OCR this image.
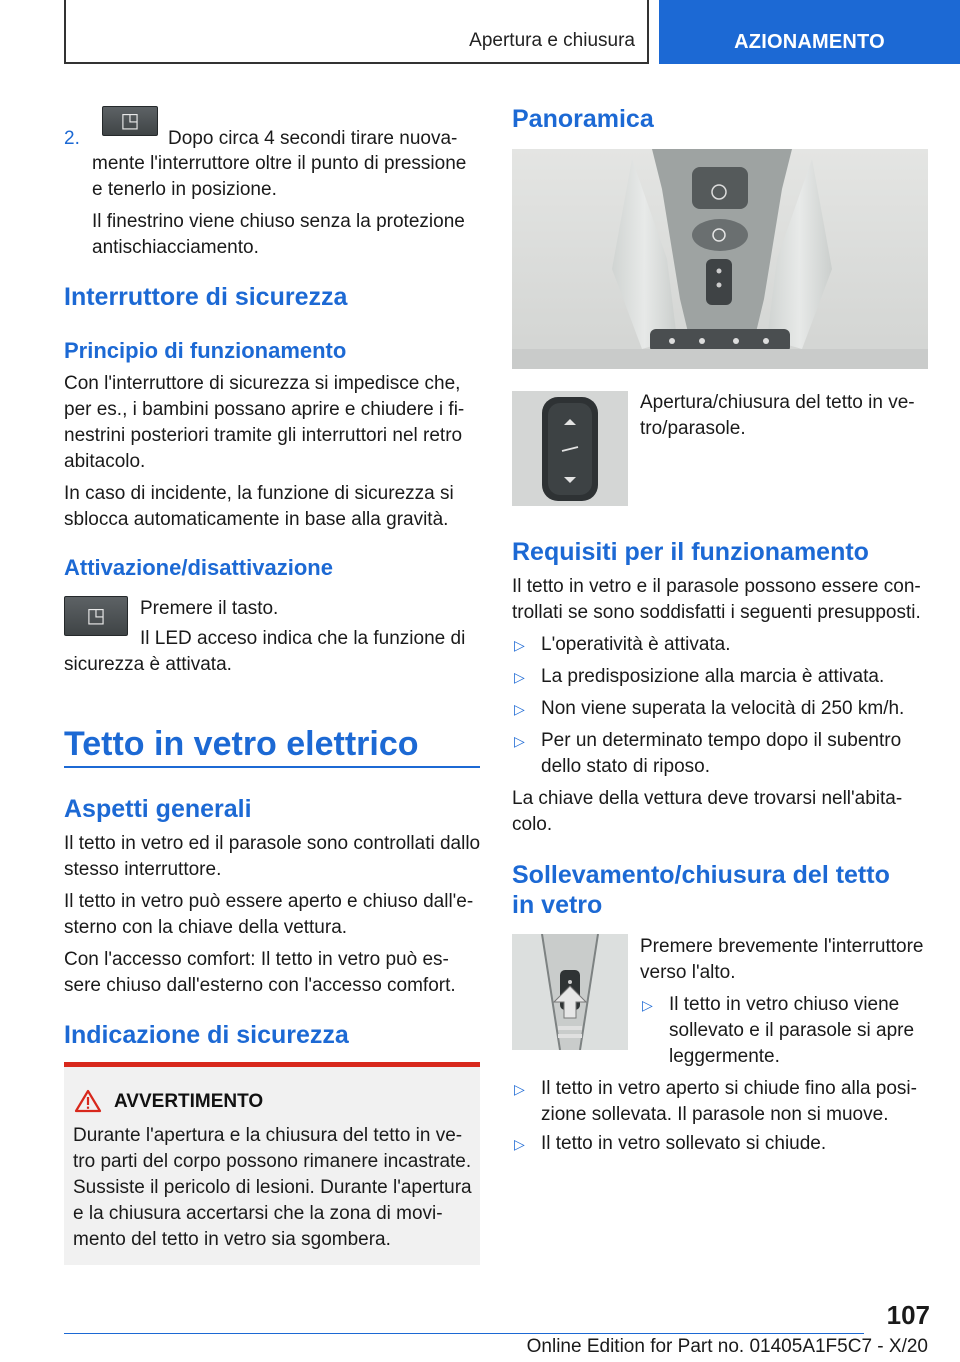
Apertura e chiusura	AZIONAMENTO
2.
◳
Dopo circa 4 secondi tirare nuova-
mente l'interruttore oltre il punto di pressione
e tenerlo in posizione.
Il finestrino viene chiuso senza la protezione
antischiacciamento.
Interruttore di sicurezza
Principio di funzionamento
Con l'interruttore di sicurezza si impedisce che,
per es., i bambini possano aprire e chiudere i fi-
nestrini posteriori tramite gli interruttori nel retro
abitacolo.
In caso di incidente, la funzione di sicurezza si
sblocca automaticamente in base alla gravità.
Attivazione/disattivazione
◳	Premere il tasto.
Il LED acceso indica che la funzione di
sicurezza è attivata.
Tetto in vetro elettrico
Aspetti generali
Il tetto in vetro ed il parasole sono controllati dallo
stesso interruttore.
Il tetto in vetro può essere aperto e chiuso dall'e-
sterno con la chiave della vettura.
Con l'accesso comfort: Il tetto in vetro può es-
sere chiuso dall'esterno con l'accesso comfort.
Indicazione di sicurezza
AVVERTIMENTO
Durante l'apertura e la chiusura del tetto in ve-
tro parti del corpo possono rimanere incastrate.
Sussiste il pericolo di lesioni. Durante l'apertura
e la chiusura accertarsi che la zona di movi-
mento del tetto in vetro sia sgombera.
Panoramica
Apertura/chiusura del tetto in ve-
tro/parasole.
Requisiti per il funzionamento
Il tetto in vetro e il parasole possono essere con-
trollati se sono soddisfatti i seguenti presupposti.
▷ L'operatività è attivata.
▷ La predisposizione alla marcia è attivata.
▷ Non viene superata la velocità di 250 km/h.
▷ Per un determinato tempo dopo il subentro
dello stato di riposo.
La chiave della vettura deve trovarsi nell'abita-
colo.
Sollevamento/chiusura del tetto
in vetro
Premere brevemente l'interruttore
verso l'alto.
▷ Il tetto in vetro chiuso viene
sollevato e il parasole si apre
leggermente.
▷ Il tetto in vetro aperto si chiude fino alla posi-
zione sollevata. Il parasole non si muove.
▷ Il tetto in vetro sollevato si chiude.
107
Online Edition for Part no. 01405A1F5C7 - X/20
